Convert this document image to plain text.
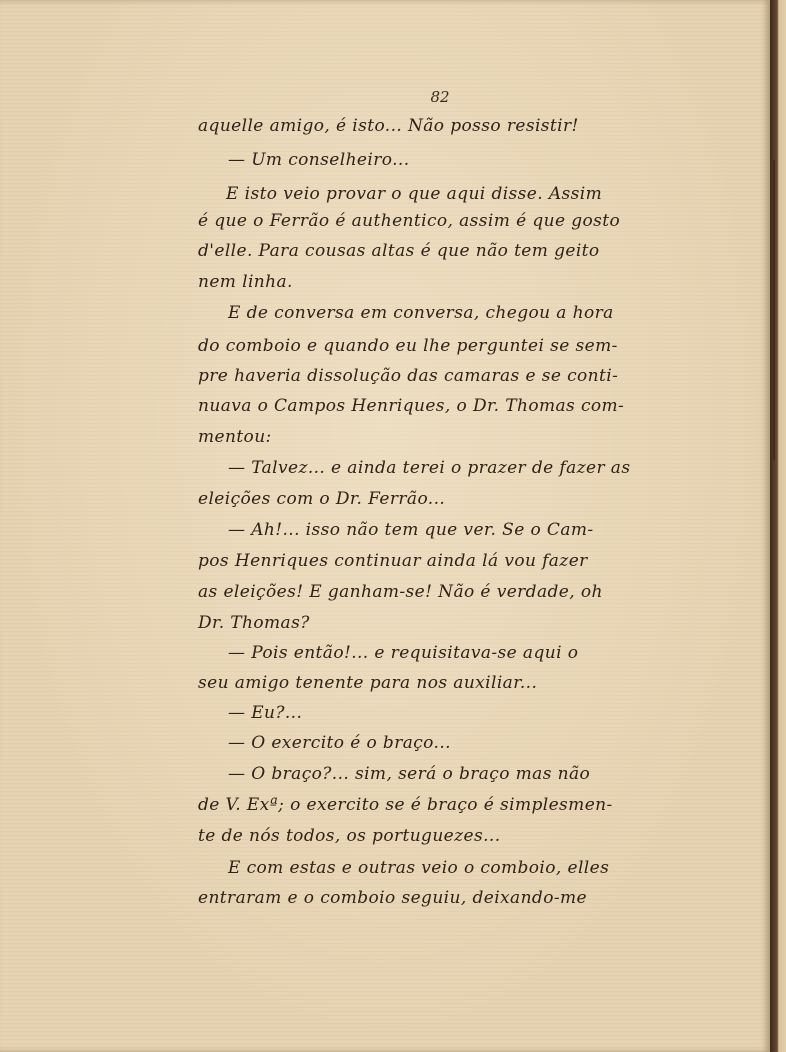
82
aquelle amigo, é isto... Não posso resistir!
— Um conselheiro...
E isto veio provar o que aqui disse. Assim
é que o Ferrão é authentico, assim é que gosto
d'elle. Para cousas altas é que não tem geito
nem linha.
E de conversa em conversa, chegou a hora
do comboio e quando eu lhe perguntei se sem-
pre haveria dissolução das camaras e se conti-
nuava o Campos Henriques, o Dr. Thomas com-
mentou:
— Talvez... e ainda terei o prazer de fazer as
eleições com o Dr. Ferrão...
— Ah!... isso não tem que ver. Se o Cam-
pos Henriques continuar ainda lá vou fazer
as eleições! E ganham-se! Não é verdade, oh
Dr. Thomas?
— Pois então!... e requisitava-se aqui o
seu amigo tenente para nos auxiliar...
— Eu?...
— O exercito é o braço...
— O braço?... sim, será o braço mas não
de V. Exª; o exercito se é braço é simplesmen-
te de nós todos, os portuguezes...
E com estas e outras veio o comboio, elles
entraram e o comboio seguiu, deixando-me
